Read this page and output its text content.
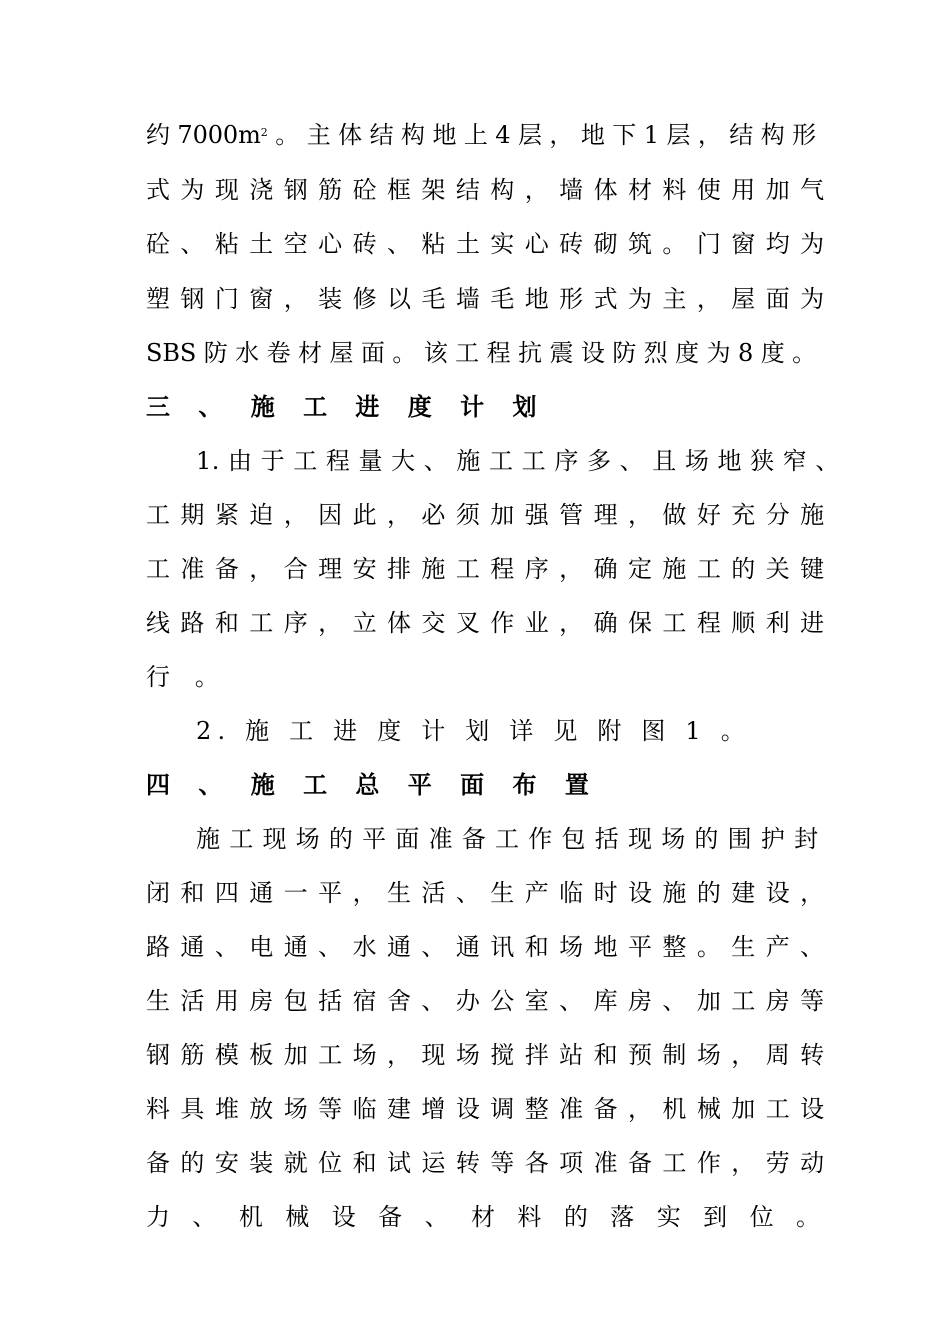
约 $7000m^2$ 。 主 体 结 构 地 上 4 层 ， 地 下 1 层 ， 结 构 形
式 为 现 浇 钢 筋 砼 框 架 结 构 ， 墙 体 材 料 使 用 加 气
砼 、 粘 土 空 心 砖 、 粘 土 实 心 砖 砌 筑 。 门 窗 均 为
塑 钢 门 窗 ， 装 修 以 毛 墙 毛 地 形 式 为 主 ， 屋 面 为
SBS 防 水 卷 材 屋 面 。 该 工 程 抗 震 设 防 烈 度 为 8 度 。
三 、 施 工 进 度 计 划
1. 由 于 工 程 量 大 、 施 工 工 序 多 、 且 场 地 狭 窄 、
工 期 紧 迫 ， 因 此 ， 必 须 加 强 管 理 ， 做 好 充 分 施
工 准 备 ， 合 理 安 排 施 工 程 序 ， 确 定 施 工 的 关 键
线 路 和 工 序 ， 立 体 交 叉 作 业 ， 确 保 工 程 顺 利 进
行 。
2. 施 工 进 度 计 划 详 见 附 图 1 。
四 、 施 工 总 平 面 布 置
施 工 现 场 的 平 面 准 备 工 作 包 括 现 场 的 围 护 封
闭 和 四 通 一 平 ， 生 活 、 生 产 临 时 设 施 的 建 设 ，
路 通 、 电 通 、 水 通 、 通 讯 和 场 地 平 整 。 生 产 、
生 活 用 房 包 括 宿 舍 、 办 公 室 、 库 房 、 加 工 房 等
钢 筋 模 板 加 工 场 ， 现 场 搅 拌 站 和 预 制 场 ， 周 转
料 具 堆 放 场 等 临 建 增 设 调 整 准 备 ， 机 械 加 工 设
备 的 安 装 就 位 和 试 运 转 等 各 项 准 备 工 作 ， 劳 动
力 、 机 械 设 备 、 材 料 的 落 实 到 位 。
